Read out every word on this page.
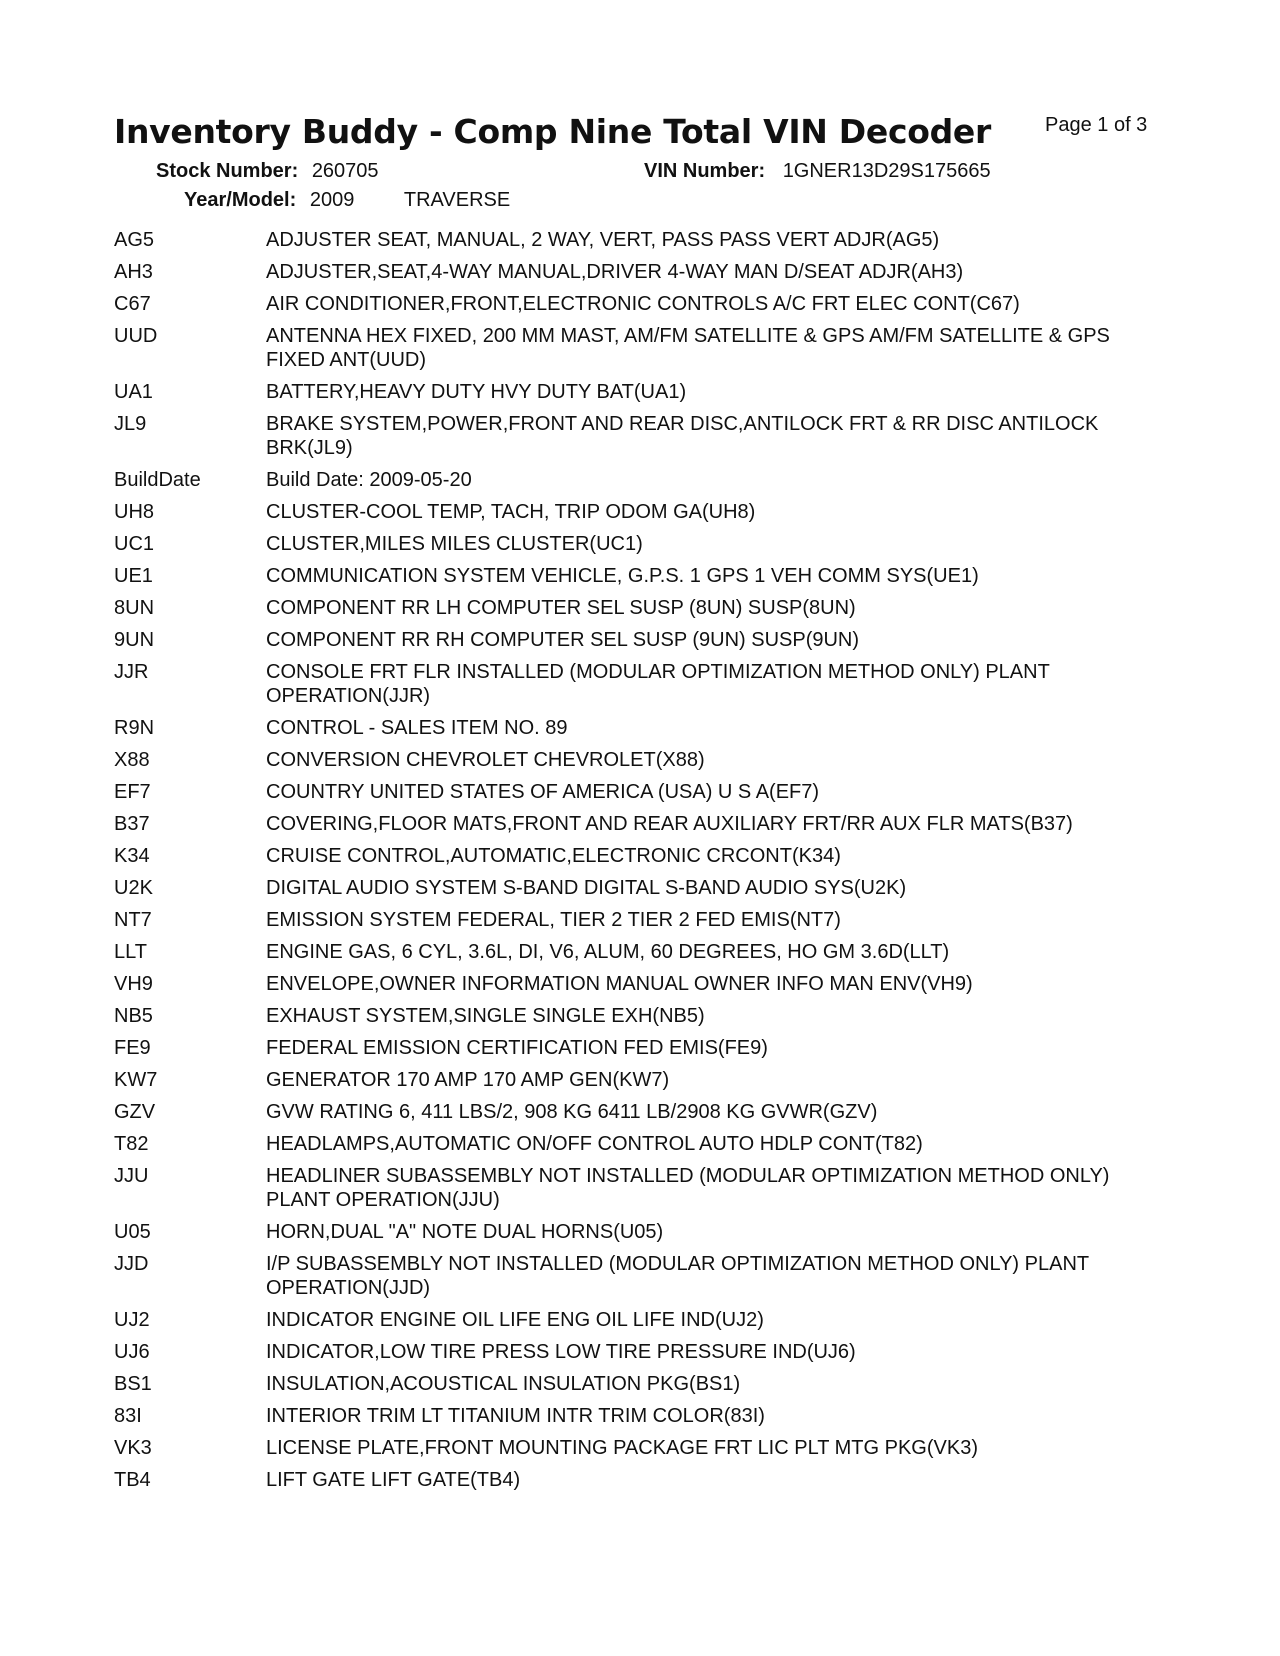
Inventory Buddy - Comp Nine Total VIN Decoder	Page 1 of 3
Stock Number: 260705	VIN Number: 1GNER13D29S175665
Year/Model: 2009 TRAVERSE
AG5	ADJUSTER SEAT, MANUAL, 2 WAY, VERT, PASS PASS VERT ADJR(AG5)
AH3	ADJUSTER,SEAT,4-WAY MANUAL,DRIVER 4-WAY MAN D/SEAT ADJR(AH3)
C67	AIR CONDITIONER,FRONT,ELECTRONIC CONTROLS A/C FRT ELEC CONT(C67)
UUD	ANTENNA HEX FIXED, 200 MM MAST, AM/FM SATELLITE & GPS AM/FM SATELLITE & GPS FIXED ANT(UUD)
UA1	BATTERY,HEAVY DUTY HVY DUTY BAT(UA1)
JL9	BRAKE SYSTEM,POWER,FRONT AND REAR DISC,ANTILOCK FRT & RR DISC ANTILOCK BRK(JL9)
BuildDate	Build Date: 2009-05-20
UH8	CLUSTER-COOL TEMP, TACH, TRIP ODOM GA(UH8)
UC1	CLUSTER,MILES MILES CLUSTER(UC1)
UE1	COMMUNICATION SYSTEM VEHICLE, G.P.S. 1 GPS 1 VEH COMM SYS(UE1)
8UN	COMPONENT RR LH COMPUTER SEL SUSP (8UN) SUSP(8UN)
9UN	COMPONENT RR RH COMPUTER SEL SUSP (9UN) SUSP(9UN)
JJR	CONSOLE FRT FLR INSTALLED (MODULAR OPTIMIZATION METHOD ONLY) PLANT OPERATION(JJR)
R9N	CONTROL - SALES ITEM NO. 89
X88	CONVERSION CHEVROLET CHEVROLET(X88)
EF7	COUNTRY UNITED STATES OF AMERICA (USA) U S A(EF7)
B37	COVERING,FLOOR MATS,FRONT AND REAR AUXILIARY FRT/RR AUX FLR MATS(B37)
K34	CRUISE CONTROL,AUTOMATIC,ELECTRONIC CRCONT(K34)
U2K	DIGITAL AUDIO SYSTEM S-BAND DIGITAL S-BAND AUDIO SYS(U2K)
NT7	EMISSION SYSTEM FEDERAL, TIER 2 TIER 2 FED EMIS(NT7)
LLT	ENGINE GAS, 6 CYL, 3.6L, DI, V6, ALUM, 60 DEGREES, HO GM 3.6D(LLT)
VH9	ENVELOPE,OWNER INFORMATION MANUAL OWNER INFO MAN ENV(VH9)
NB5	EXHAUST SYSTEM,SINGLE SINGLE EXH(NB5)
FE9	FEDERAL EMISSION CERTIFICATION FED EMIS(FE9)
KW7	GENERATOR 170 AMP 170 AMP GEN(KW7)
GZV	GVW RATING 6, 411 LBS/2, 908 KG 6411 LB/2908 KG GVWR(GZV)
T82	HEADLAMPS,AUTOMATIC ON/OFF CONTROL AUTO HDLP CONT(T82)
JJU	HEADLINER SUBASSEMBLY NOT INSTALLED (MODULAR OPTIMIZATION METHOD ONLY) PLANT OPERATION(JJU)
U05	HORN,DUAL "A" NOTE DUAL HORNS(U05)
JJD	I/P SUBASSEMBLY NOT INSTALLED (MODULAR OPTIMIZATION METHOD ONLY) PLANT OPERATION(JJD)
UJ2	INDICATOR ENGINE OIL LIFE ENG OIL LIFE IND(UJ2)
UJ6	INDICATOR,LOW TIRE PRESS LOW TIRE PRESSURE IND(UJ6)
BS1	INSULATION,ACOUSTICAL INSULATION PKG(BS1)
83I	INTERIOR TRIM LT TITANIUM INTR TRIM COLOR(83I)
VK3	LICENSE PLATE,FRONT MOUNTING PACKAGE FRT LIC PLT MTG PKG(VK3)
TB4	LIFT GATE LIFT GATE(TB4)
